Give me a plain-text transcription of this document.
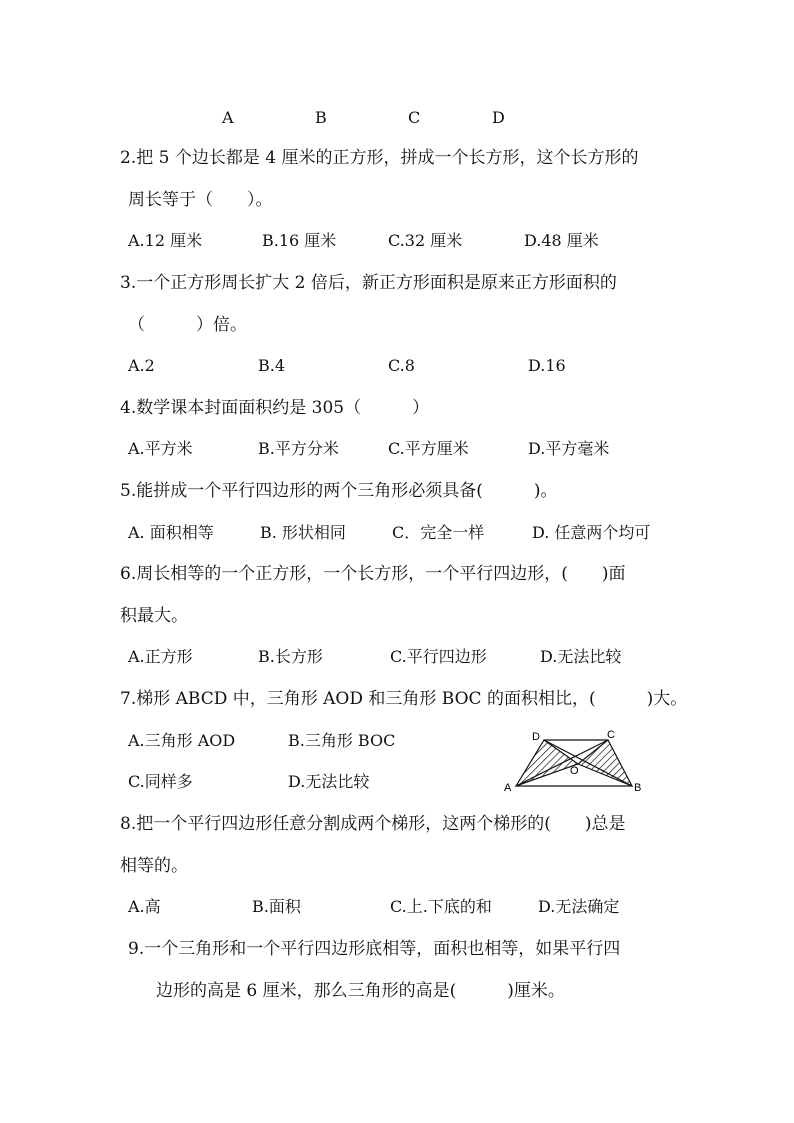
A	B	C	D
2.把 5 个边长都是 4 厘米的正方形，拼成一个长方形，这个长方形的
周长等于（　　）。
A.12 厘米	B.16 厘米	C.32 厘米	D.48 厘米
3.一个正方形周长扩大 2 倍后，新正方形面积是原来正方形面积的
（　　　）倍。
A.2	B.4	C.8	D.16
4.数学课本封面面积约是 305（　　　）
A.平方米	B.平方分米	C.平方厘米	D.平方毫米
5.能拼成一个平行四边形的两个三角形必须具备(　　　)。
A. 面积相等	B. 形状相同	C．完全一样	D. 任意两个均可
6.周长相等的一个正方形，一个长方形，一个平行四边形，(　　)面
积最大。
A.正方形	B.长方形	C.平行四边形	D.无法比较
7.梯形 ABCD 中，三角形 AOD 和三角形 BOC 的面积相比，(　　　)大。
A.三角形 AOD	B.三角形 BOC
C.同样多	D.无法比较	A	B
C
D
O
8.把一个平行四边形任意分割成两个梯形，这两个梯形的(　　)总是
相等的。
A.高	B.面积	C.上.下底的和	D.无法确定
9.一个三角形和一个平行四边形底相等，面积也相等，如果平行四
边形的高是 6 厘米，那么三角形的高是(　　　)厘米。
